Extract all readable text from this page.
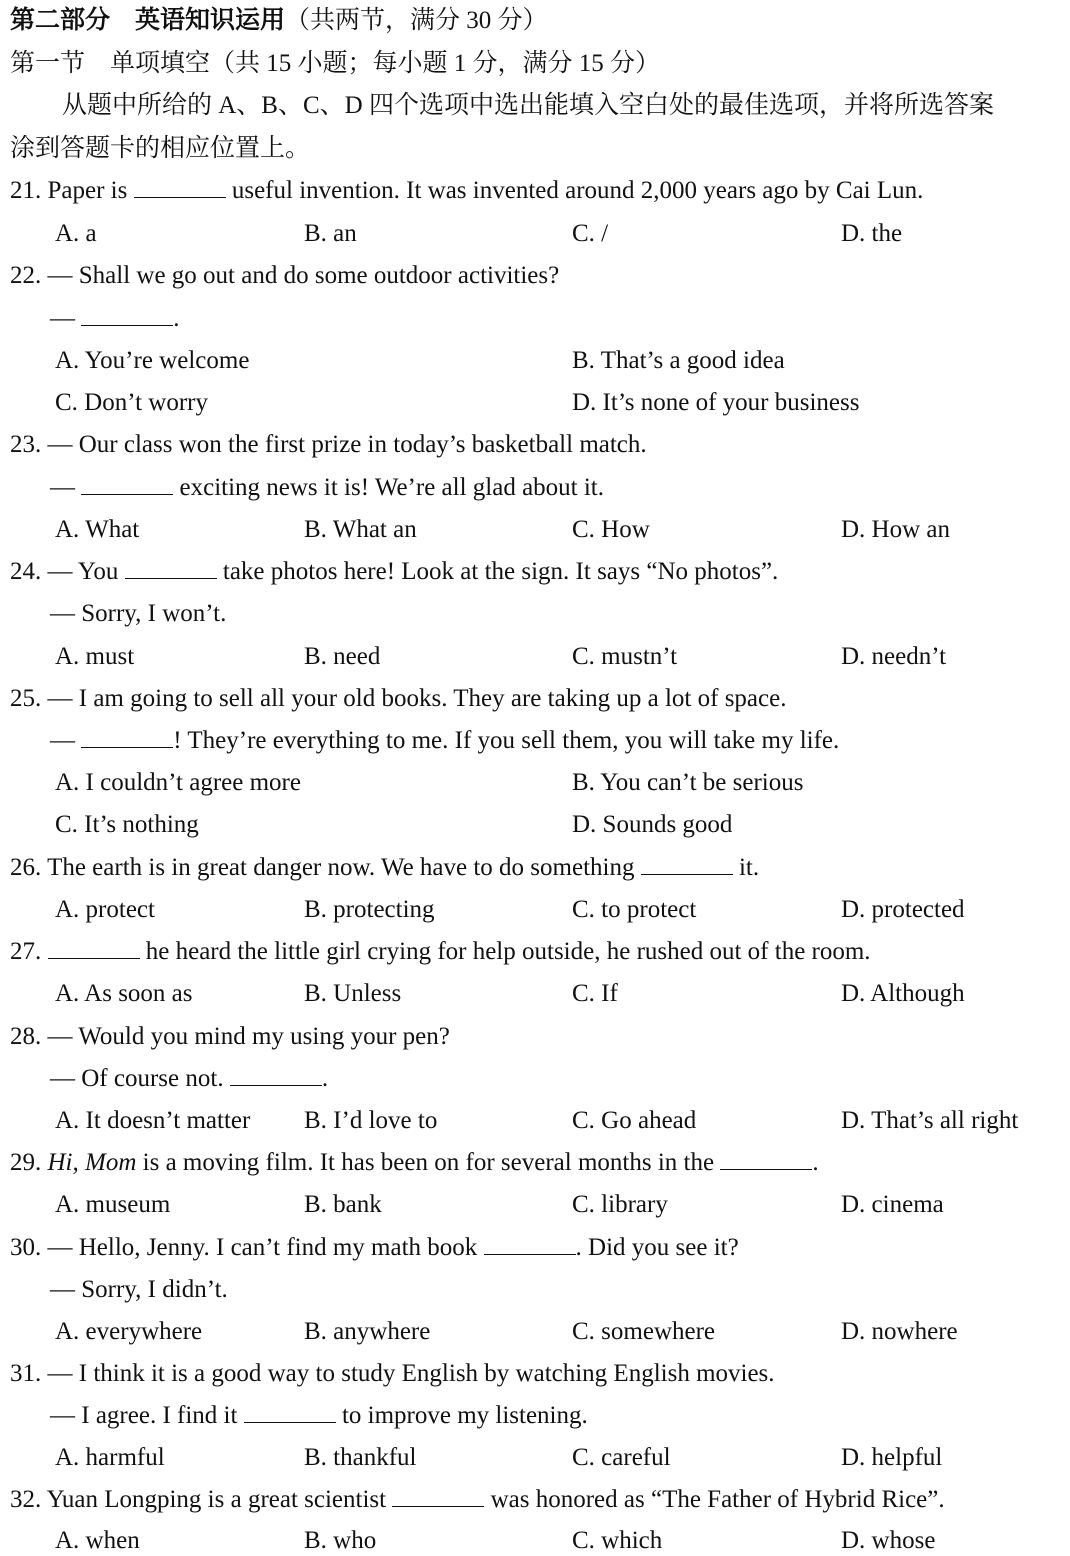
第二部分　英语知识运用（共两节，满分 30 分）
第一节　单项填空（共 15 小题；每小题 1 分，满分 15 分）
从题中所给的 A、B、C、D 四个选项中选出能填入空白处的最佳选项，并将所选答案
涂到答题卡的相应位置上。
21. Paper is	useful invention. It was invented around 2,000 years ago by Cai Lun.
A. a	B. an	C. /	D. the
22. — Shall we go out and do some outdoor activities?
—	.
A. You’re welcome	B. That’s a good idea
C. Don’t worry	D. It’s none of your business
23. — Our class won the first prize in today’s basketball match.
—	exciting news it is! We’re all glad about it.
A. What	B. What an	C. How	D. How an
24. — You	take photos here! Look at the sign. It says “No photos”.
— Sorry, I won’t.
A. must	B. need	C. mustn’t	D. needn’t
25. — I am going to sell all your old books. They are taking up a lot of space.
—	! They’re everything to me. If you sell them, you will take my life.
A. I couldn’t agree more	B. You can’t be serious
C. It’s nothing	D. Sounds good
26. The earth is in great danger now. We have to do something	it.
A. protect	B. protecting	C. to protect	D. protected
27.	he heard the little girl crying for help outside, he rushed out of the room.
A. As soon as	B. Unless	C. If	D. Although
28. — Would you mind my using your pen?
— Of course not.	.
A. It doesn’t matter B. I’d love to	C. Go ahead	D. That’s all right
29. Hi, Mom is a moving film. It has been on for several months in the	.
A. museum	B. bank	C. library	D. cinema
30. — Hello, Jenny. I can’t find my math book	. Did you see it?
— Sorry, I didn’t.
A. everywhere	B. anywhere	C. somewhere	D. nowhere
31. — I think it is a good way to study English by watching English movies.
— I agree. I find it	to improve my listening.
A. harmful	B. thankful	C. careful	D. helpful
32. Yuan Longping is a great scientist	was honored as “The Father of Hybrid Rice”.
A. when	B. who	C. which	D. whose
